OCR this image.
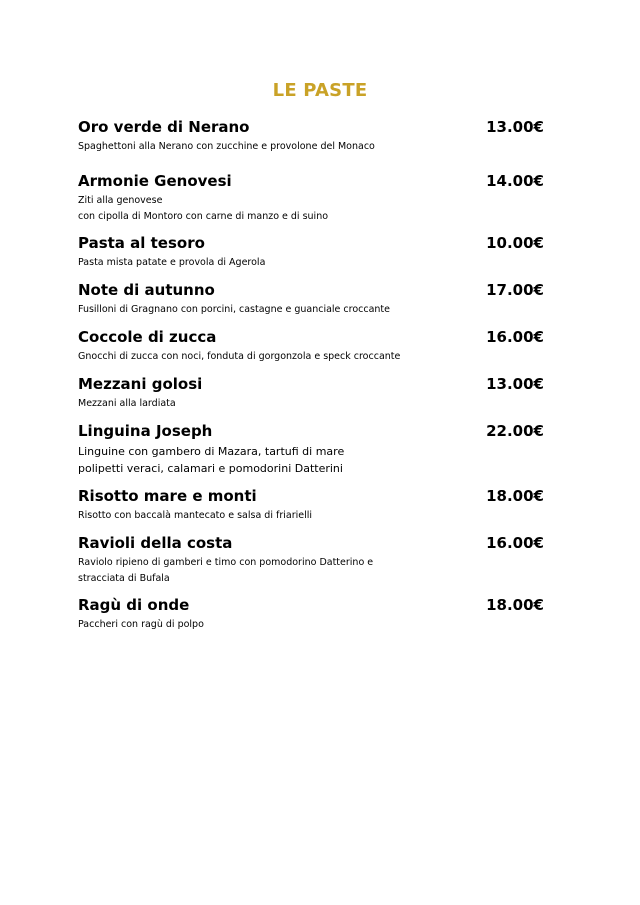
LE PASTE
Oro verde di Nerano	13.00€
Spaghettoni alla Nerano con zucchine e provolone del Monaco
Armonie Genovesi	14.00€
Ziti alla genovese
con cipolla di Montoro con carne di manzo e di suino
Pasta al tesoro	10.00€
Pasta mista patate e provola di Agerola
Note di autunno	17.00€
Fusilloni di Gragnano con porcini, castagne e guanciale croccante
Coccole di zucca	16.00€
Gnocchi di zucca con noci, fonduta di gorgonzola e speck croccante
Mezzani golosi	13.00€
Mezzani alla lardiata
Linguina Joseph	22.00€
Linguine con gambero di Mazara, tartufi di mare
polipetti veraci, calamari e pomodorini Datterini
Risotto mare e monti	18.00€
Risotto con baccalà mantecato e salsa di friarielli
Ravioli della costa	16.00€
Raviolo ripieno di gamberi e timo con pomodorino Datterino e
stracciata di Bufala
Ragù di onde	18.00€
Paccheri con ragù di polpo
